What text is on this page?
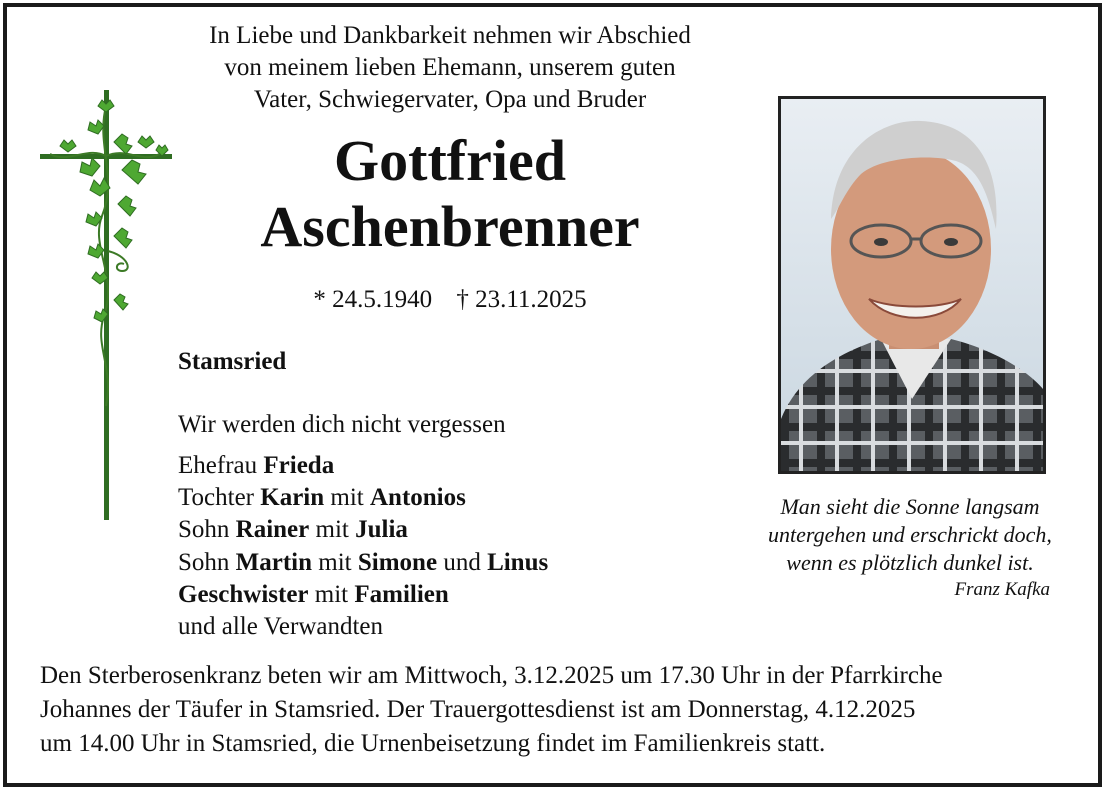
In Liebe und Dankbarkeit nehmen wir Abschied
von meinem lieben Ehemann, unserem guten
Vater, Schwiegervater, Opa und Bruder
Gottfried
Aschenbrenner
* 24.5.1940 † 23.11.2025
Stamsried
Wir werden dich nicht vergessen
Ehefrau Frieda
Tochter Karin mit Antonios
Sohn Rainer mit Julia
Sohn Martin mit Simone und Linus
Geschwister mit Familien
und alle Verwandten
Man sieht die Sonne langsam
untergehen und erschrickt doch,
wenn es plötzlich dunkel ist.
Franz Kafka
Den Sterberosenkranz beten wir am Mittwoch, 3.12.2025 um 17.30 Uhr in der Pfarrkirche
Johannes der Täufer in Stamsried. Der Trauergottesdienst ist am Donnerstag, 4.12.2025
um 14.00 Uhr in Stamsried, die Urnenbeisetzung findet im Familienkreis statt.
